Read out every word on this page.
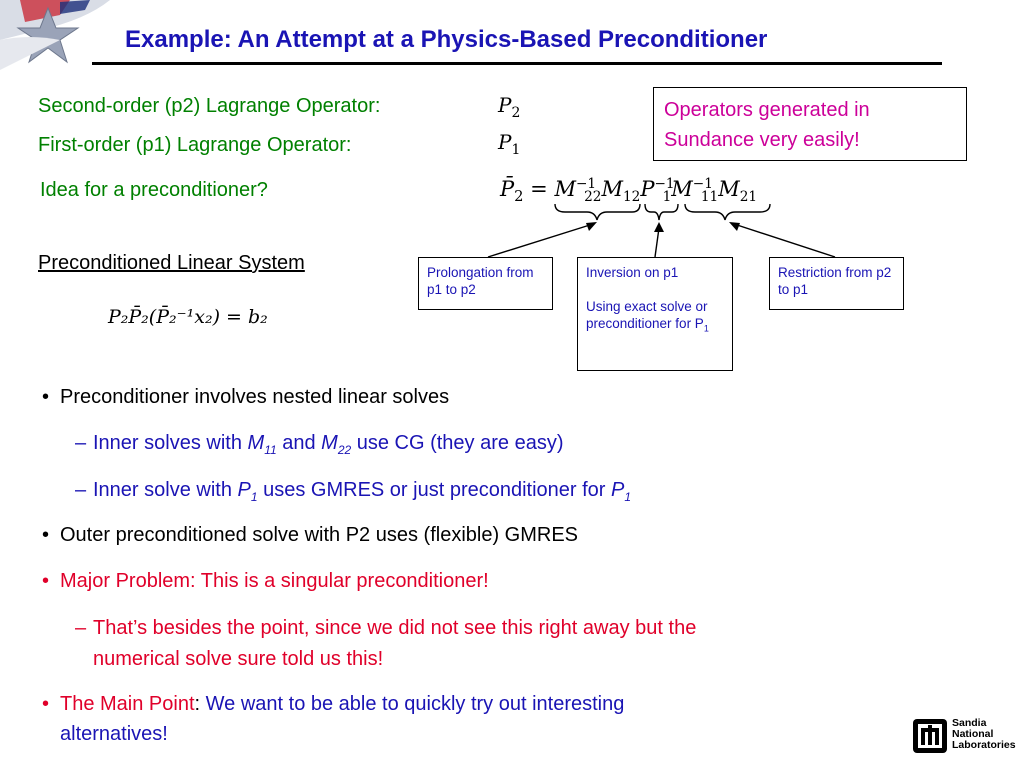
Example: An Attempt at a Physics-Based Preconditioner
Second-order (p2) Lagrange Operator:
First-order (p1) Lagrange Operator:
$P_2$
$P_1$
Operators generated in Sundance very easily!
Idea for a preconditioner?	$P̄_2 = M^{-1}_{22}M_{12}P^{-1}_1M^{-1}_{11}M_{21}$
Prolongation from p1 to p2
Inversion on p1
Using exact solve or preconditioner for $P_1$
Restriction from p2 to p1
Preconditioned Linear System
P₂P̄₂(P̄₂⁻¹x₂) = b₂
• Preconditioner involves nested linear solves
– Inner solves with $M_{11}$ and $M_{22}$ use CG (they are easy)
– Inner solve with $P_1$ uses GMRES or just preconditioner for $P_1$
• Outer preconditioned solve with P2 uses (flexible) GMRES
• Major Problem: This is a singular preconditioner!
– That’s besides the point, since we did not see this right away but the
numerical solve sure told us this!
• The Main Point: We want to be able to quickly try out interesting
alternatives!	Sandia
National
Laboratories
